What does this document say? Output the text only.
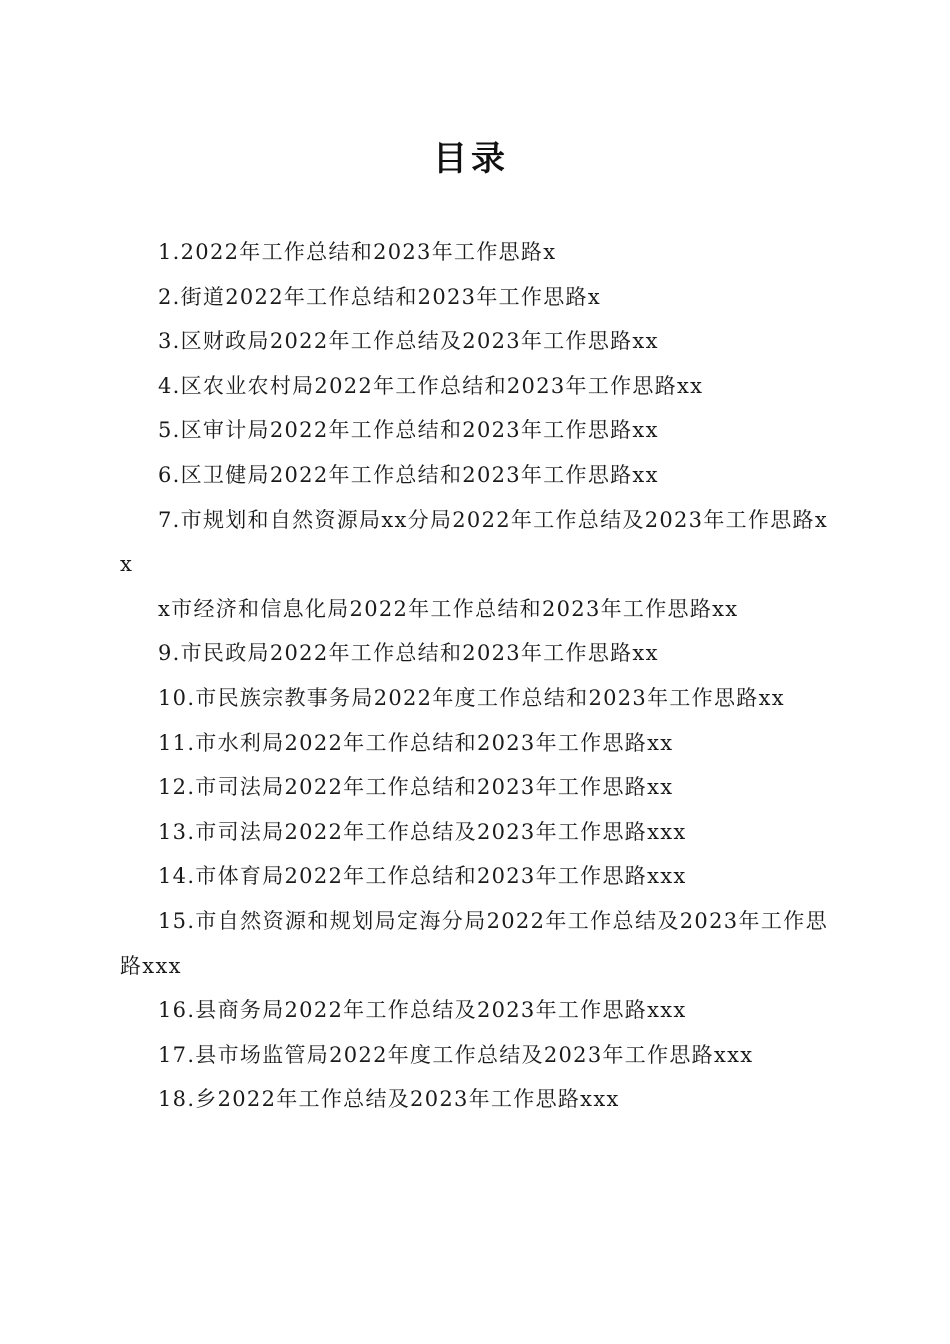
目录
1.2022年工作总结和2023年工作思路x
2.街道2022年工作总结和2023年工作思路x
3.区财政局2022年工作总结及2023年工作思路xx
4.区农业农村局2022年工作总结和2023年工作思路xx
5.区审计局2022年工作总结和2023年工作思路xx
6.区卫健局2022年工作总结和2023年工作思路xx
7.市规划和自然资源局xx分局2022年工作总结及2023年工作思路xx
x市经济和信息化局2022年工作总结和2023年工作思路xx
9.市民政局2022年工作总结和2023年工作思路xx
10.市民族宗教事务局2022年度工作总结和2023年工作思路xx
11.市水利局2022年工作总结和2023年工作思路xx
12.市司法局2022年工作总结和2023年工作思路xx
13.市司法局2022年工作总结及2023年工作思路xxx
14.市体育局2022年工作总结和2023年工作思路xxx
15.市自然资源和规划局定海分局2022年工作总结及2023年工作思路xxx
16.县商务局2022年工作总结及2023年工作思路xxx
17.县市场监管局2022年度工作总结及2023年工作思路xxx
18.乡2022年工作总结及2023年工作思路xxx
